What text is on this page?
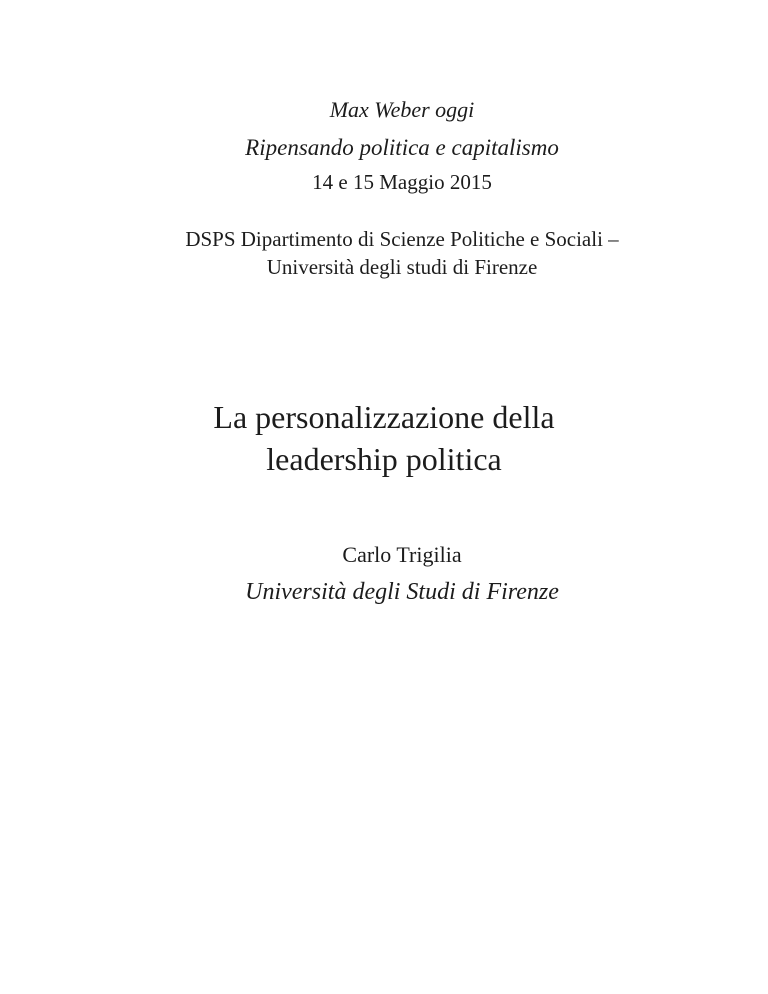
Max Weber oggi
Ripensando politica e capitalismo
14 e 15 Maggio 2015
DSPS Dipartimento di Scienze Politiche e Sociali –
Università degli studi di Firenze
La personalizzazione della
leadership politica
Carlo Trigilia
Università degli Studi di Firenze
